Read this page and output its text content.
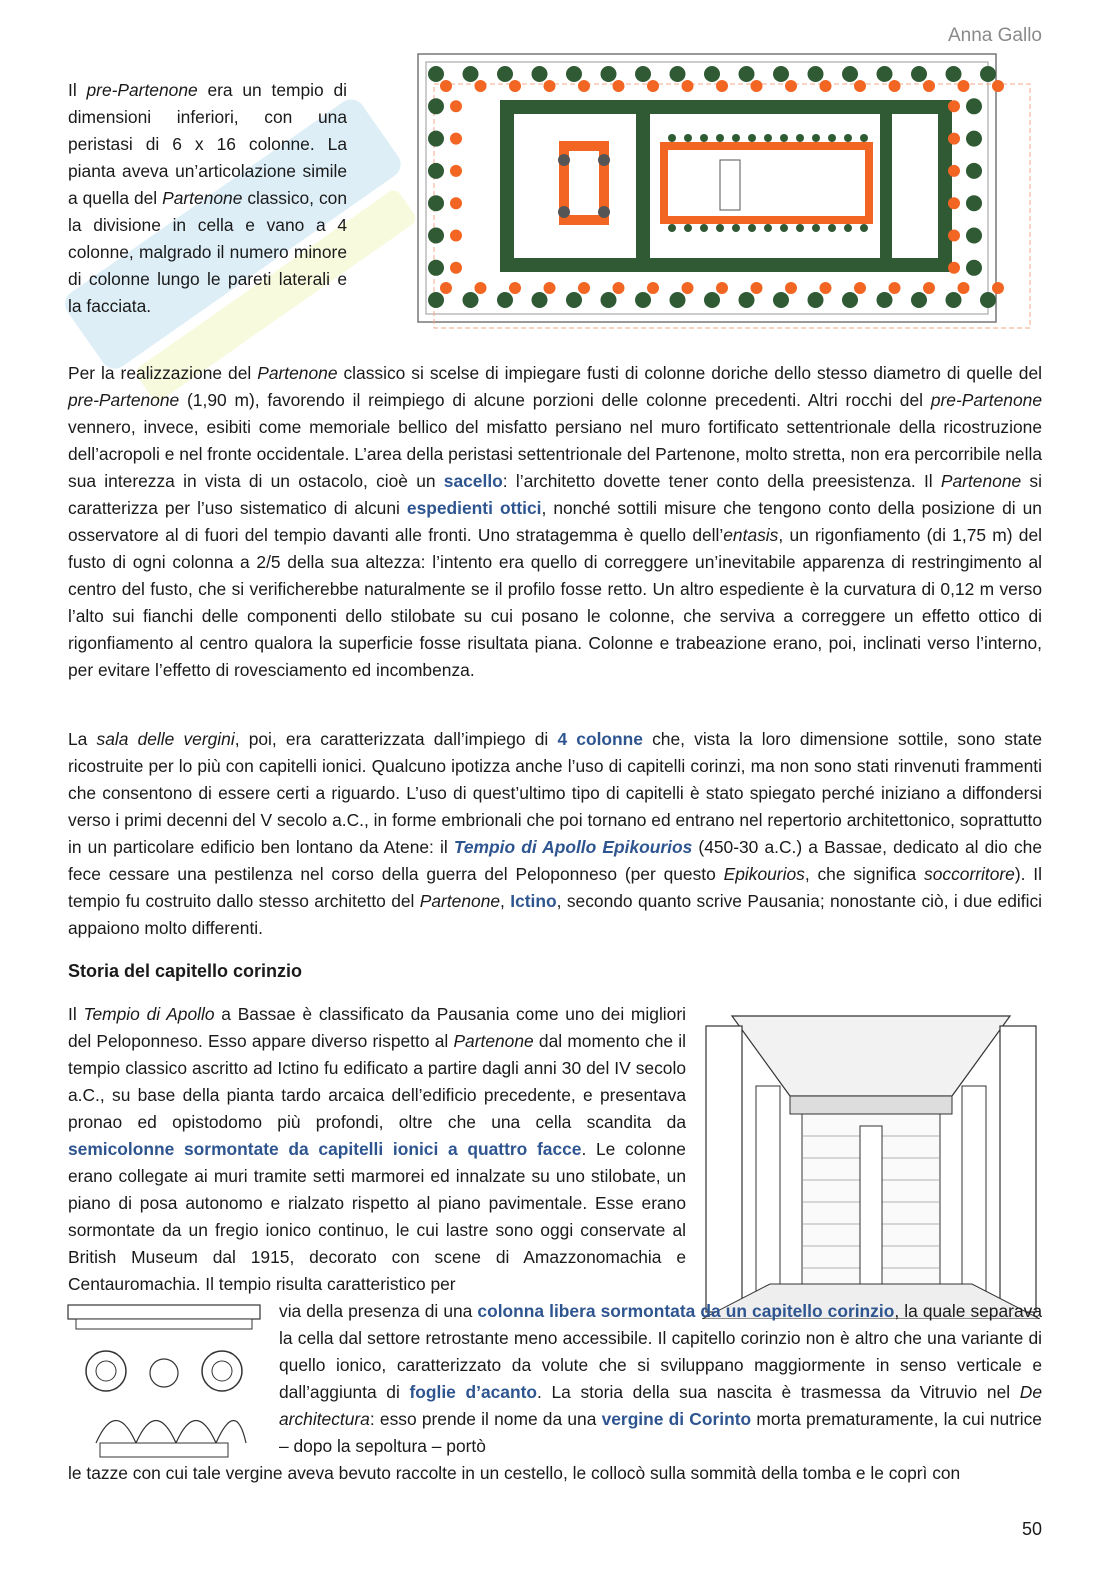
Anna Gallo

Il pre-Partenone era un tempio di dimensioni inferiori, con una peristasi di 6 x 16 colonne. La pianta aveva un’articolazione simile a quella del Partenone classico, con la divisione in cella e vano a 4 colonne, malgrado il numero minore di colonne lungo le pareti laterali e la facciata.

Per la realizzazione del Partenone classico si scelse di impiegare fusti di colonne doriche dello stesso diametro di quelle del pre-Partenone (1,90 m), favorendo il reimpiego di alcune porzioni delle colonne precedenti. Altri rocchi del pre-Partenone vennero, invece, esibiti come memoriale bellico del misfatto persiano nel muro fortificato settentrionale della ricostruzione dell’acropoli e nel fronte occidentale. L’area della peristasi settentrionale del Partenone, molto stretta, non era percorribile nella sua interezza in vista di un ostacolo, cioè un sacello: l’architetto dovette tener conto della preesistenza. Il Partenone si caratterizza per l’uso sistematico di alcuni espedienti ottici, nonché sottili misure che tengono conto della posizione di un osservatore al di fuori del tempio davanti alle fronti. Uno stratagemma è quello dell’entasis, un rigonfiamento (di 1,75 m) del fusto di ogni colonna a 2/5 della sua altezza: l’intento era quello di correggere un’inevitabile apparenza di restringimento al centro del fusto, che si verificherebbe naturalmente se il profilo fosse retto. Un altro espediente è la curvatura di 0,12 m verso l’alto sui fianchi delle componenti dello stilobate su cui posano le colonne, che serviva a correggere un effetto ottico di rigonfiamento al centro qualora la superficie fosse risultata piana. Colonne e trabeazione erano, poi, inclinati verso l’interno, per evitare l’effetto di rovesciamento ed incombenza.

La sala delle vergini, poi, era caratterizzata dall’impiego di 4 colonne che, vista la loro dimensione sottile, sono state ricostruite per lo più con capitelli ionici. Qualcuno ipotizza anche l’uso di capitelli corinzi, ma non sono stati rinvenuti frammenti che consentono di essere certi a riguardo. L’uso di quest’ultimo tipo di capitelli è stato spiegato perché iniziano a diffondersi verso i primi decenni del V secolo a.C., in forme embrionali che poi tornano ed entrano nel repertorio architettonico, soprattutto in un particolare edificio ben lontano da Atene: il Tempio di Apollo Epikourios (450-30 a.C.) a Bassae, dedicato al dio che fece cessare una pestilenza nel corso della guerra del Peloponneso (per questo Epikourios, che significa soccorritore). Il tempio fu costruito dallo stesso architetto del Partenone, Ictino, secondo quanto scrive Pausania; nonostante ciò, i due edifici appaiono molto differenti.

Storia del capitello corinzio

Il Tempio di Apollo a Bassae è classificato da Pausania come uno dei migliori del Peloponneso. Esso appare diverso rispetto al Partenone dal momento che il tempio classico ascritto ad Ictino fu edificato a partire dagli anni 30 del IV secolo a.C., su base della pianta tardo arcaica dell’edificio precedente, e presentava pronao ed opistodomo più profondi, oltre che una cella scandita da semicolonne sormontate da capitelli ionici a quattro facce. Le colonne erano collegate ai muri tramite setti marmorei ed innalzate su uno stilobate, un piano di posa autonomo e rialzato rispetto al piano pavimentale. Esse erano sormontate da un fregio ionico continuo, le cui lastre sono oggi conservate al British Museum dal 1915, decorato con scene di Amazzonomachia e Centauromachia. Il tempio risulta caratteristico per

via della presenza di una colonna libera sormontata da un capitello corinzio, la quale separava la cella dal settore retrostante meno accessibile. Il capitello corinzio non è altro che una variante di quello ionico, caratterizzato da volute che si sviluppano maggiormente in senso verticale e dall’aggiunta di foglie d’acanto. La storia della sua nascita è trasmessa da Vitruvio nel De architectura: esso prende il nome da una vergine di Corinto morta prematuramente, la cui nutrice – dopo la sepoltura – portò

le tazze con cui tale vergine aveva bevuto raccolte in un cestello, le collocò sulla sommità della tomba e le coprì con

50
